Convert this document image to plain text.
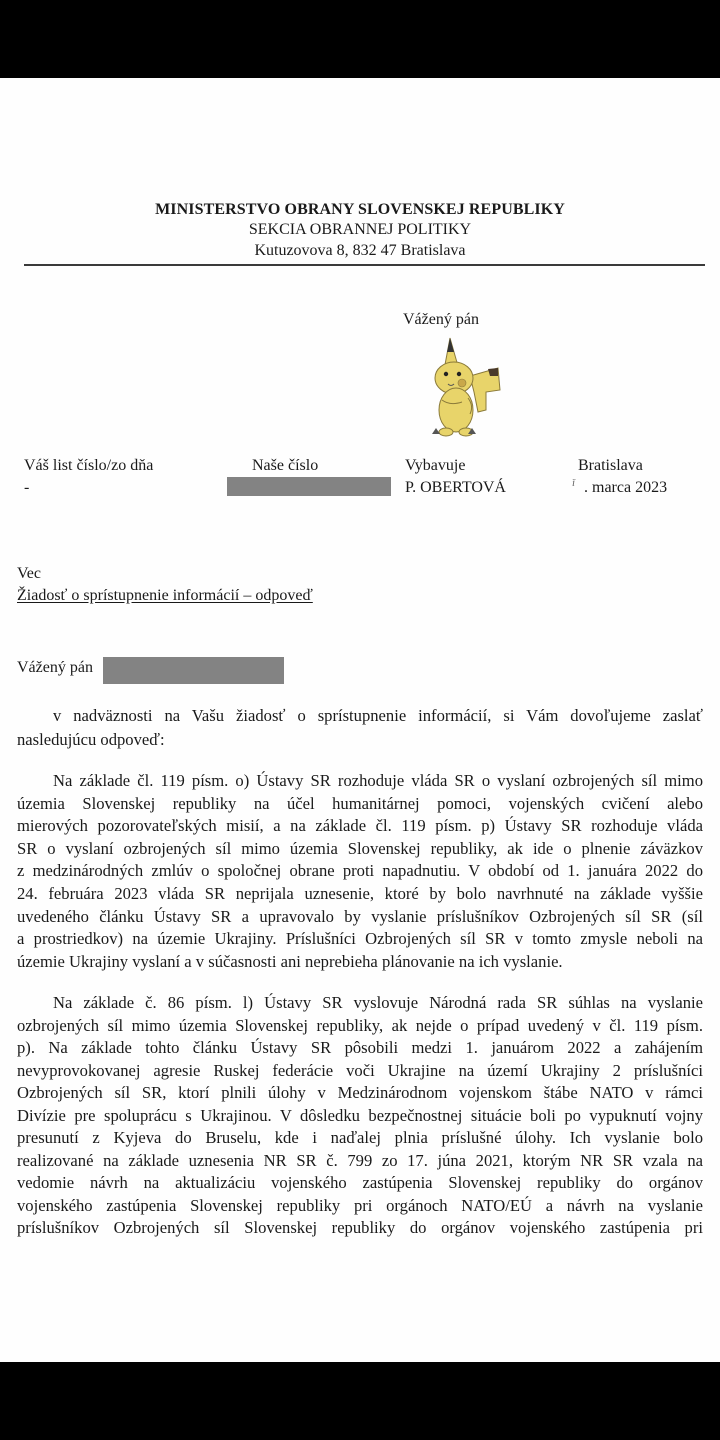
MINISTERSTVO OBRANY SLOVENSKEJ REPUBLIKY
SEKCIA OBRANNEJ POLITIKY
Kutuzovova 8, 832 47 Bratislava
Vážený pán
Váš list číslo/zo dňa
-
Naše číslo	Vybavuje
P. OBERTOVÁ
Bratislava
ǐ . marca 2023
Vec
Žiadosť o sprístupnenie informácií – odpoveď
Vážený pán
v nadväznosti na Vašu žiadosť o sprístupnenie informácií, si Vám dovoľujeme zaslať
nasledujúcu odpoveď:
Na základe čl. 119 písm. o) Ústavy SR rozhoduje vláda SR o vyslaní ozbrojených síl mimo
územia Slovenskej republiky na účel humanitárnej pomoci, vojenských cvičení alebo
mierových pozorovateľských misií, a na základe čl. 119 písm. p) Ústavy SR rozhoduje vláda
SR o vyslaní ozbrojených síl mimo územia Slovenskej republiky, ak ide o plnenie záväzkov
z medzinárodných zmlúv o spoločnej obrane proti napadnutiu. V období od 1. januára 2022 do
24. februára 2023 vláda SR neprijala uznesenie, ktoré by bolo navrhnuté na základe vyššie
uvedeného článku Ústavy SR a upravovalo by vyslanie príslušníkov Ozbrojených síl SR (síl
a prostriedkov) na územie Ukrajiny. Príslušníci Ozbrojených síl SR v tomto zmysle neboli na
územie Ukrajiny vyslaní a v súčasnosti ani neprebieha plánovanie na ich vyslanie.
Na základe č. 86 písm. l) Ústavy SR vyslovuje Národná rada SR súhlas na vyslanie
ozbrojených síl mimo územia Slovenskej republiky, ak nejde o prípad uvedený v čl. 119 písm.
p). Na základe tohto článku Ústavy SR pôsobili medzi 1. januárom 2022 a zahájením
nevyprovokovanej agresie Ruskej federácie voči Ukrajine na území Ukrajiny 2 príslušníci
Ozbrojených síl SR, ktorí plnili úlohy v Medzinárodnom vojenskom štábe NATO v rámci
Divízie pre spoluprácu s Ukrajinou. V dôsledku bezpečnostnej situácie boli po vypuknutí vojny
presunutí z Kyjeva do Bruselu, kde i naďalej plnia príslušné úlohy. Ich vyslanie bolo
realizované na základe uznesenia NR SR č. 799 zo 17. júna 2021, ktorým NR SR vzala na
vedomie návrh na aktualizáciu vojenského zastúpenia Slovenskej republiky do orgánov
vojenského zastúpenia Slovenskej republiky pri orgánoch NATO/EÚ a návrh na vyslanie
príslušníkov Ozbrojených síl Slovenskej republiky do orgánov vojenského zastúpenia pri
